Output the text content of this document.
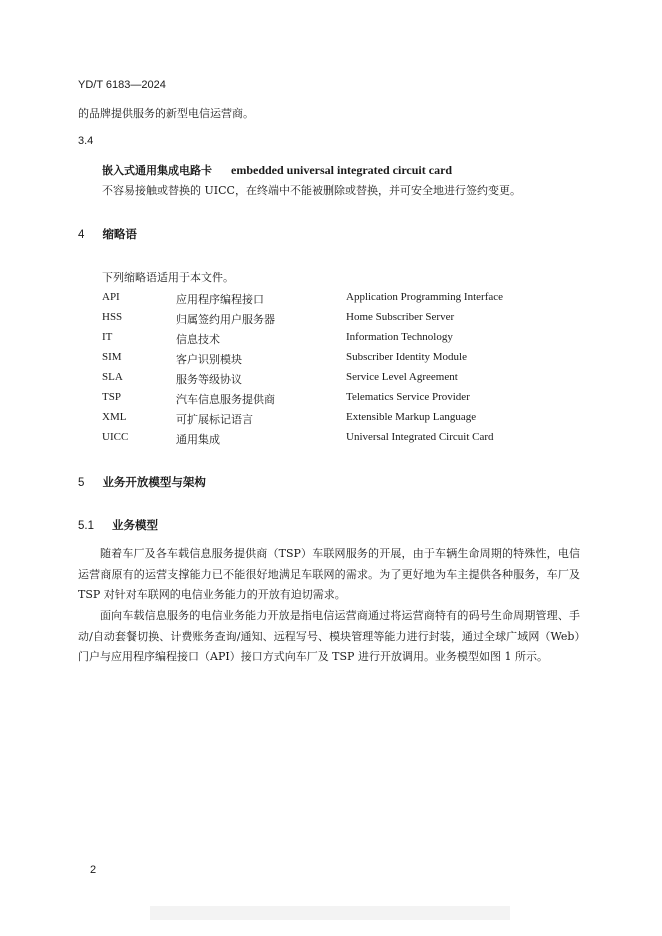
YD/T 6183—2024
的品牌提供服务的新型电信运营商。
3.4
嵌入式通用集成电路卡 embedded universal integrated circuit card
不容易接触或替换的 UICC，在终端中不能被删除或替换，并可安全地进行签约变更。
4 缩略语
下列缩略语适用于本文件。
API	应用程序编程接口	Application Programming Interface
HSS	归属签约用户服务器	Home Subscriber Server
IT	信息技术	Information Technology
SIM	客户识别模块	Subscriber Identity Module
SLA	服务等级协议	Service Level Agreement
TSP	汽车信息服务提供商	Telematics Service Provider
XML	可扩展标记语言	Extensible Markup Language
UICC	通用集成	Universal Integrated Circuit Card
5 业务开放模型与架构
5.1 业务模型
随着车厂及各车载信息服务提供商（TSP）车联网服务的开展，由于车辆生命周期的特殊性，电信运营商原有的运营支撑能力已不能很好地满足车联网的需求。为了更好地为车主提供各种服务，车厂及TSP 对针对车联网的电信业务能力的开放有迫切需求。
面向车载信息服务的电信业务能力开放是指电信运营商通过将运营商特有的码号生命周期管理、手动/自动套餐切换、计费账务查询/通知、远程写号、模块管理等能力进行封装，通过全球广域网（Web）门户与应用程序编程接口（API）接口方式向车厂及 TSP 进行开放调用。业务模型如图 1 所示。
2
